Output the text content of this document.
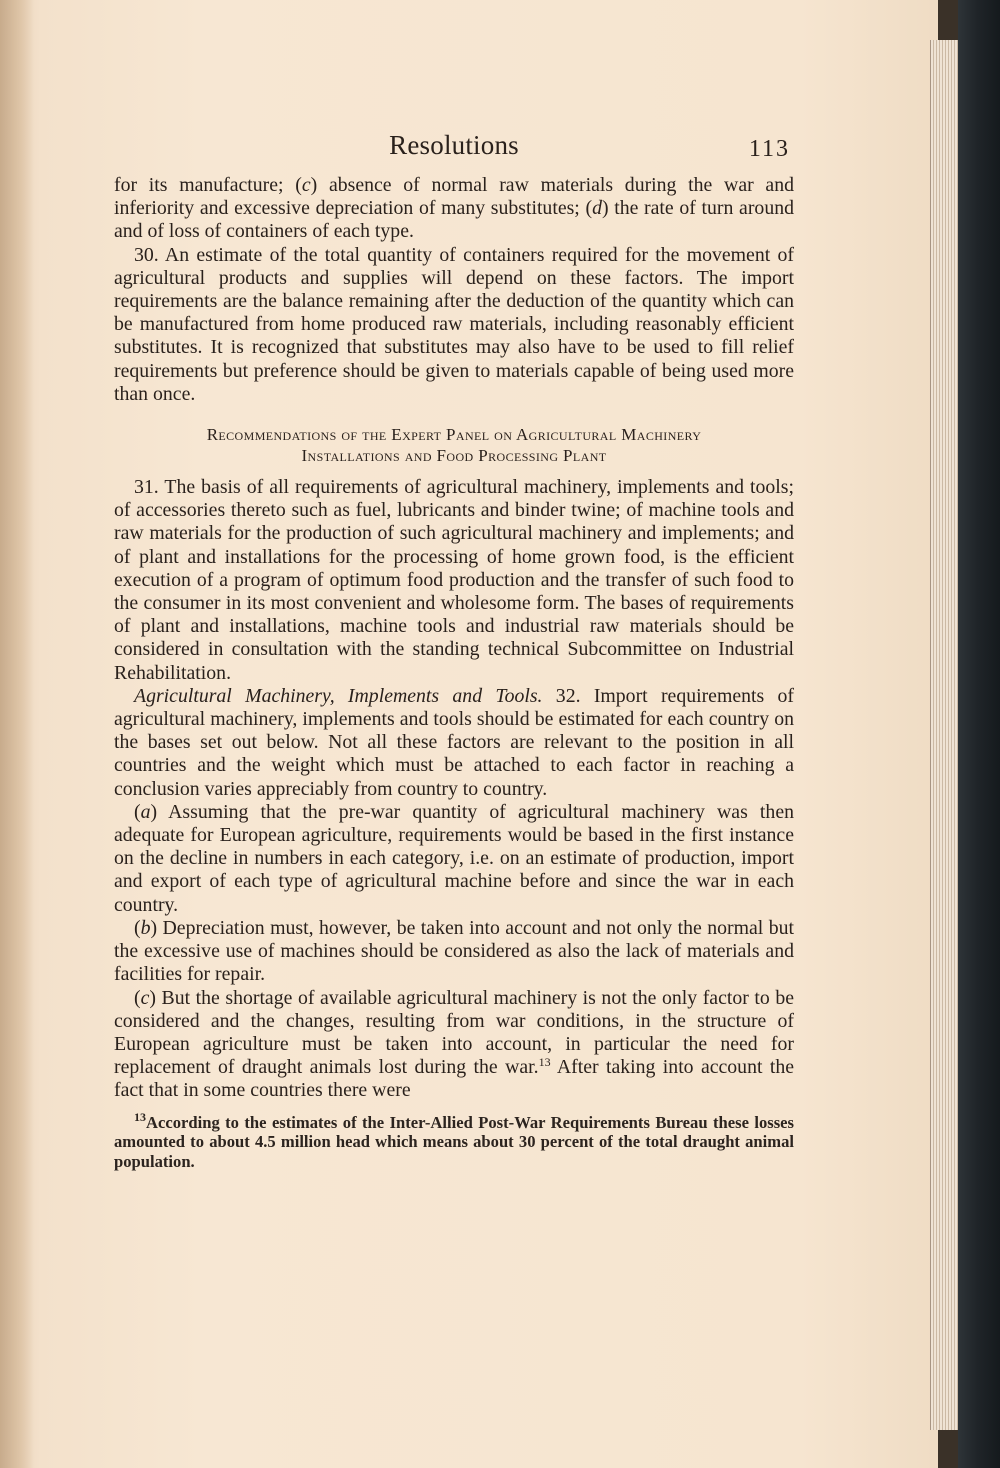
Resolutions	113

for its manufacture; (c) absence of normal raw materials during the war and inferiority and excessive depreciation of many substitutes; (d) the rate of turn around and of loss of containers of each type.

30. An estimate of the total quantity of containers required for the movement of agricultural products and supplies will depend on these factors. The import requirements are the balance remaining after the deduction of the quantity which can be manufactured from home produced raw materials, including reasonably efficient substitutes. It is recognized that substitutes may also have to be used to fill relief requirements but preference should be given to materials capable of being used more than once.

Recommendations of the Expert Panel on Agricultural Machinery
Installations and Food Processing Plant

31. The basis of all requirements of agricultural machinery, implements and tools; of accessories thereto such as fuel, lubricants and binder twine; of machine tools and raw materials for the production of such agricultural machinery and implements; and of plant and installations for the processing of home grown food, is the efficient execution of a program of optimum food production and the transfer of such food to the consumer in its most convenient and wholesome form. The bases of requirements of plant and installations, machine tools and industrial raw materials should be considered in consultation with the standing technical Subcommittee on Industrial Rehabilitation.

Agricultural Machinery, Implements and Tools. 32. Import requirements of agricultural machinery, implements and tools should be estimated for each country on the bases set out below. Not all these factors are relevant to the position in all countries and the weight which must be attached to each factor in reaching a conclusion varies appreciably from country to country.

(a) Assuming that the pre-war quantity of agricultural machinery was then adequate for European agriculture, requirements would be based in the first instance on the decline in numbers in each category, i.e. on an estimate of production, import and export of each type of agricultural machine before and since the war in each country.

(b) Depreciation must, however, be taken into account and not only the normal but the excessive use of machines should be considered as also the lack of materials and facilities for repair.

(c) But the shortage of available agricultural machinery is not the only factor to be considered and the changes, resulting from war conditions, in the structure of European agriculture must be taken into account, in particular the need for replacement of draught animals lost during the war.$^{13}$ After taking into account the fact that in some countries there were

$^{13}$According to the estimates of the Inter-Allied Post-War Requirements Bureau these losses amounted to about 4.5 million head which means about 30 percent of the total draught animal population.
